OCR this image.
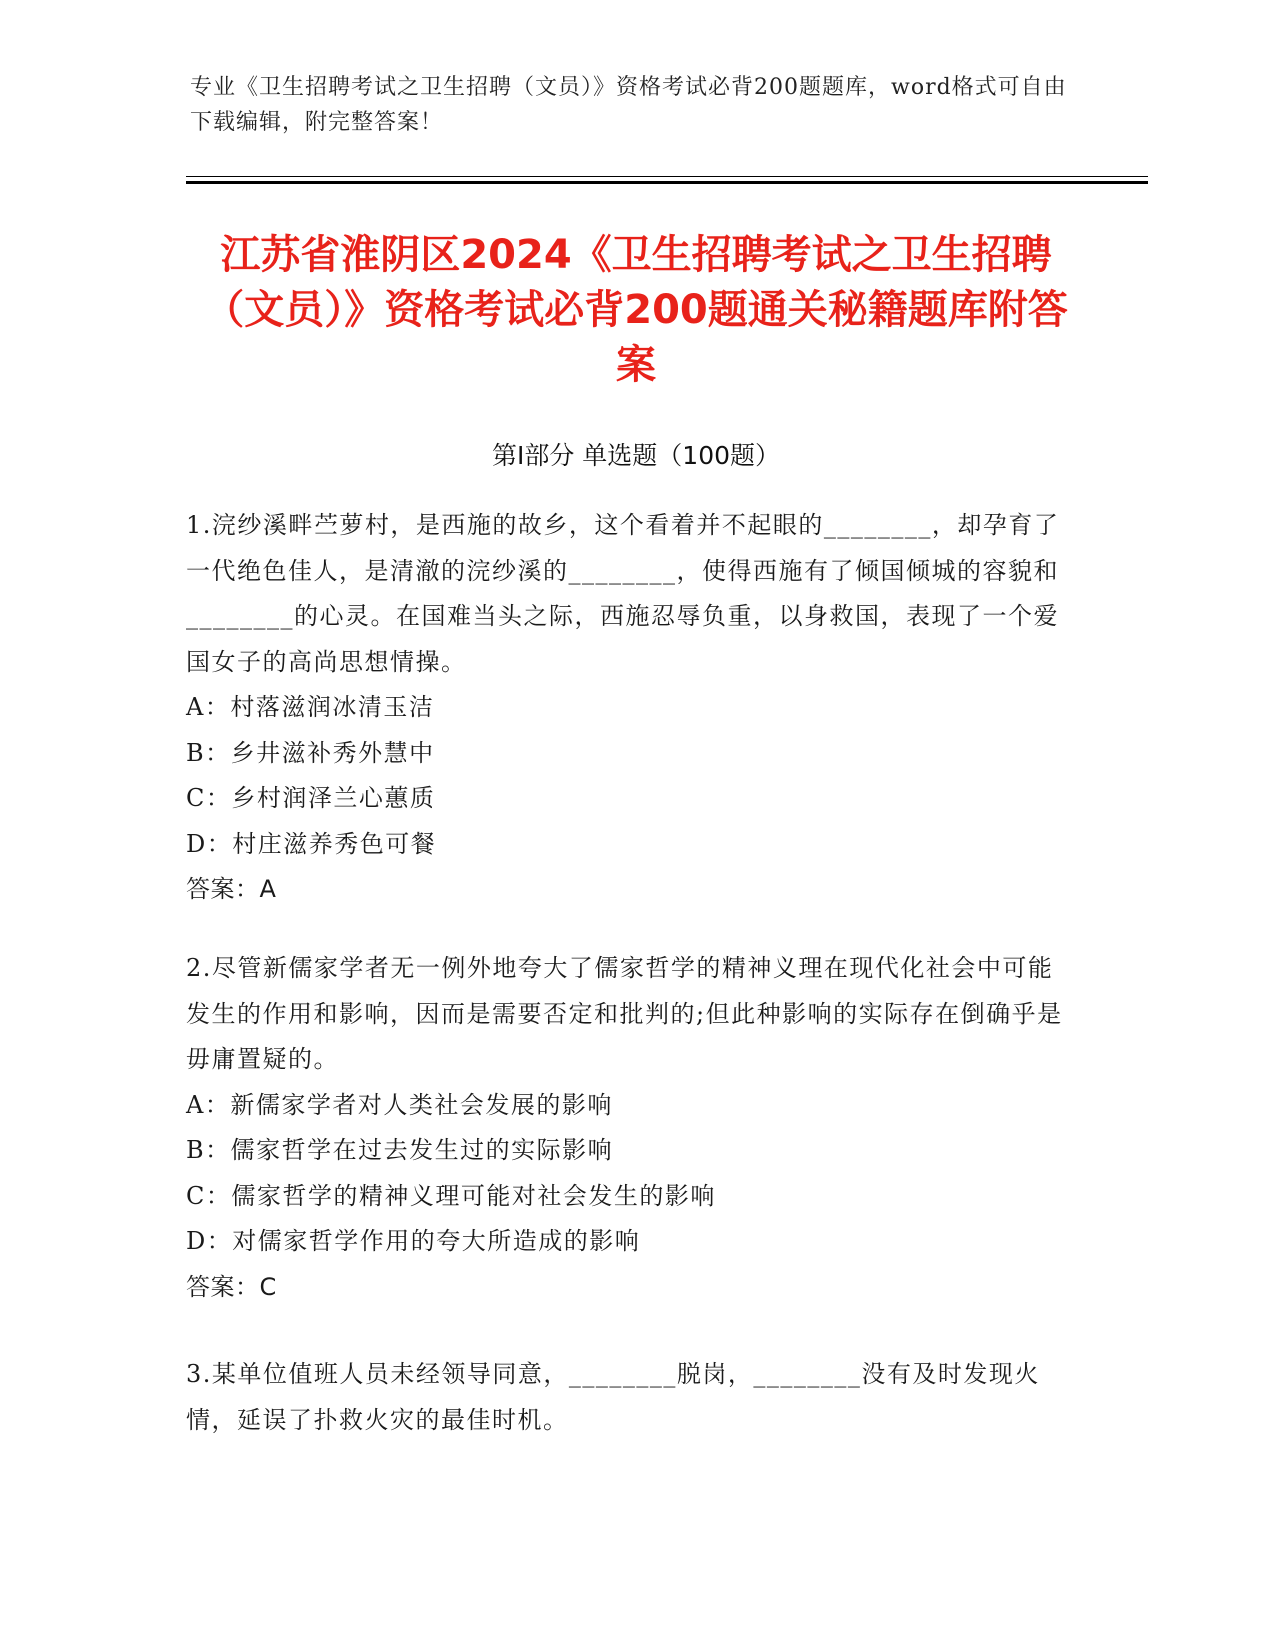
专业《卫生招聘考试之卫生招聘（文员）》资格考试必背200题题库，word格式可自由下载编辑，附完整答案！
江苏省淮阴区2024《卫生招聘考试之卫生招聘（文员）》资格考试必背200题通关秘籍题库附答案
第Ⅰ部分 单选题（100题）

1.浣纱溪畔苎萝村，是西施的故乡，这个看着并不起眼的________，却孕育了一代绝色佳人，是清澈的浣纱溪的________，使得西施有了倾国倾城的容貌和________的心灵。在国难当头之际，西施忍辱负重，以身救国，表现了一个爱国女子的高尚思想情操。

A：村落滋润冰清玉洁

B：乡井滋补秀外慧中

C：乡村润泽兰心蕙质

D：村庄滋养秀色可餐

答案：A

2.尽管新儒家学者无一例外地夸大了儒家哲学的精神义理在现代化社会中可能发生的作用和影响，因而是需要否定和批判的;但此种影响的实际存在倒确乎是毋庸置疑的。

A：新儒家学者对人类社会发展的影响

B：儒家哲学在过去发生过的实际影响

C：儒家哲学的精神义理可能对社会发生的影响

D：对儒家哲学作用的夸大所造成的影响

答案：C

3.某单位值班人员未经领导同意，________脱岗，________没有及时发现火情，延误了扑救火灾的最佳时机。
